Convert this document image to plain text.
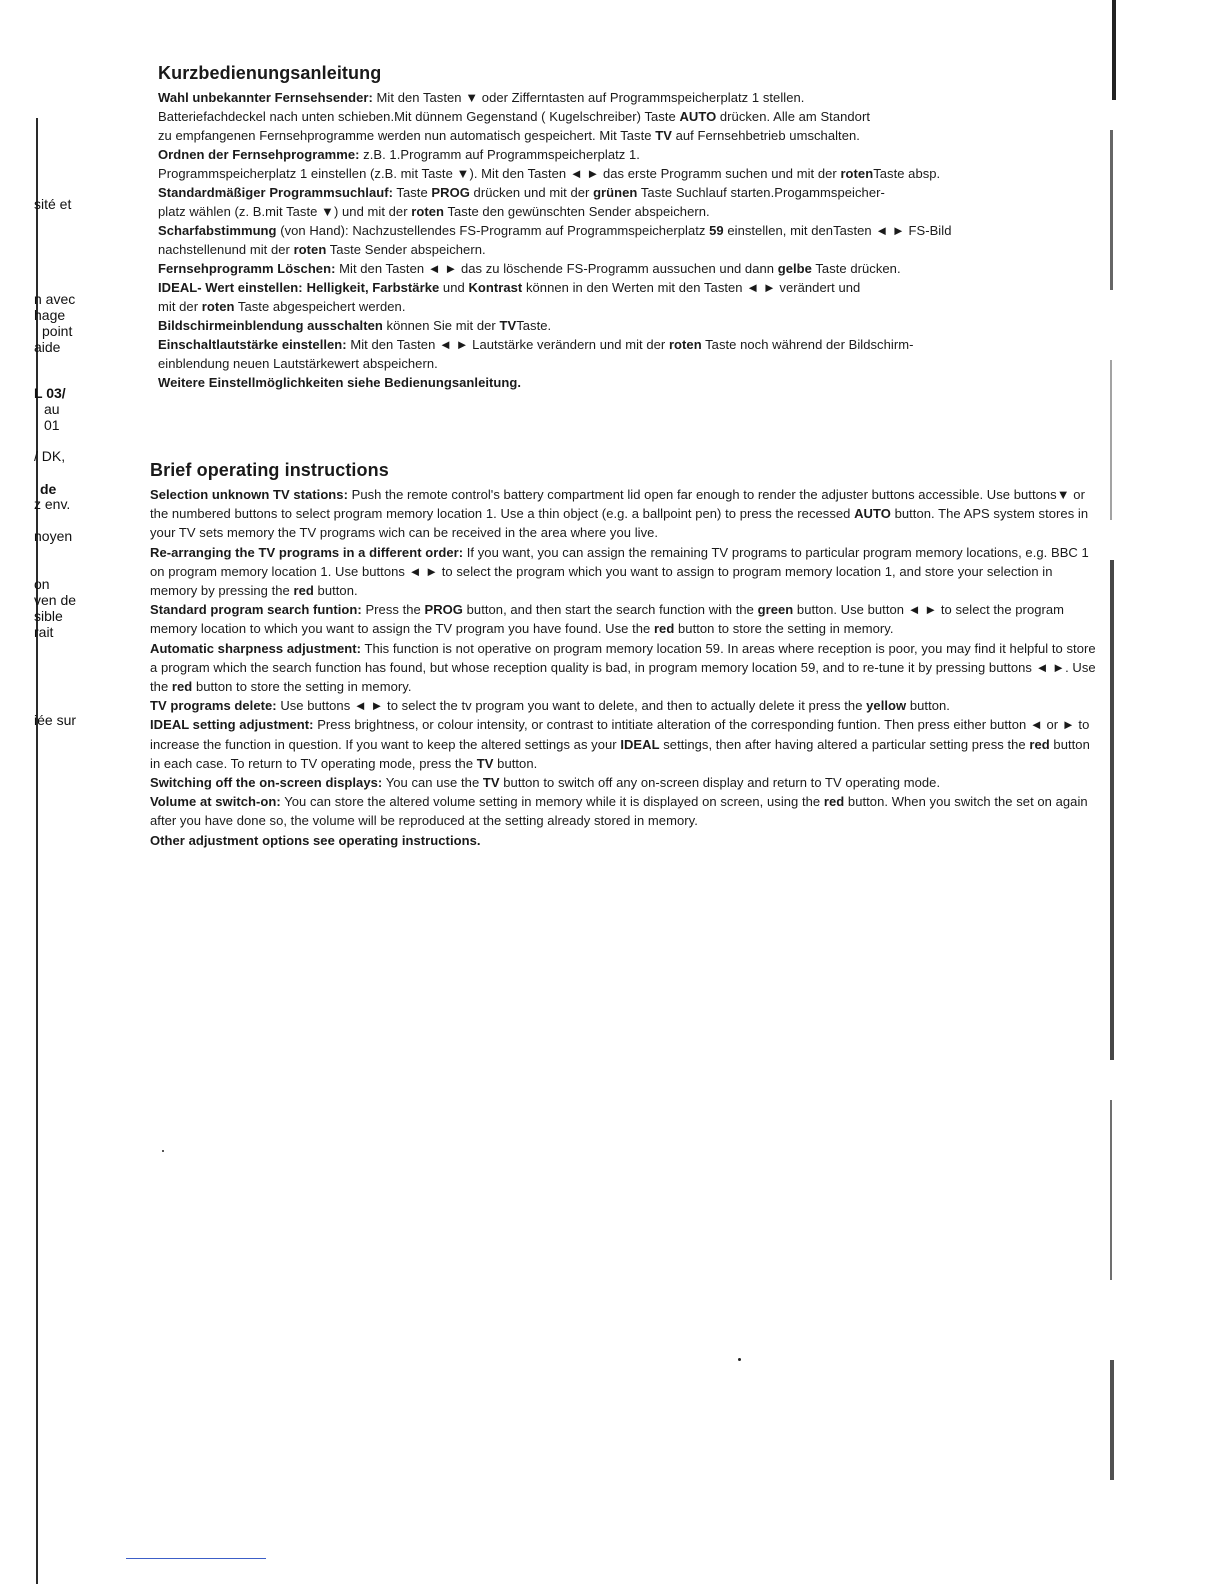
sité et
n avec
hage
point
aide
L 03/
au
01
/ DK,
de
z env.
noyen
on
ven de
sible
rait
iée sur
Kurzbedienungsanleitung

Wahl unbekannter Fernsehsender: Mit den Tasten ▼ oder Zifferntasten auf Programmspeicherplatz 1 stellen.
Batteriefachdeckel nach unten schieben.Mit dünnem Gegenstand ( Kugelschreiber) Taste AUTO drücken. Alle am Standort
zu empfangenen Fernsehprogramme werden nun automatisch gespeichert. Mit Taste TV auf Fernsehbetrieb umschalten.

Ordnen der Fernsehprogramme: z.B. 1.Programm auf Programmspeicherplatz 1.
Programmspeicherplatz 1 einstellen (z.B. mit Taste ▼). Mit den Tasten ◄ ► das erste Programm suchen und mit der rotenTaste absp.

Standardmäßiger Programmsuchlauf: Taste PROG drücken und mit der grünen Taste Suchlauf starten.Progammspeicher-
platz wählen (z. B.mit Taste ▼) und mit der roten Taste den gewünschten Sender abspeichern.

Scharfabstimmung (von Hand): Nachzustellendes FS-Programm auf Programmspeicherplatz 59 einstellen, mit denTasten ◄ ► FS-Bild
nachstellenund mit der roten Taste Sender abspeichern.

Fernsehprogramm Löschen: Mit den Tasten ◄ ► das zu löschende FS-Programm aussuchen und dann gelbe Taste drücken.

IDEAL- Wert einstellen: Helligkeit, Farbstärke und Kontrast können in den Werten mit den Tasten ◄ ► verändert und
mit der roten Taste abgespeichert werden.

Bildschirmeinblendung ausschalten können Sie mit der TVTaste.

Einschaltlautstärke einstellen: Mit den Tasten ◄ ► Lautstärke verändern und mit der roten Taste noch während der Bildschirm-
einblendung neuen Lautstärkewert abspeichern.

Weitere Einstellmöglichkeiten siehe Bedienungsanleitung.

Brief operating instructions

Selection unknown TV stations: Push the remote control's battery compartment lid open far enough to render the adjuster buttons accessible. Use buttons▼ or the numbered buttons to select program memory location 1. Use a thin object (e.g. a ballpoint pen) to press the recessed AUTO button. The APS system stores in your TV sets memory the TV programs wich can be received in the area where you live.

Re-arranging the TV programs in a different order: If you want, you can assign the remaining TV programs to particular program memory locations, e.g. BBC 1 on program memory location 1. Use buttons ◄ ► to select the program which you want to assign to program memory location 1, and store your selection in memory by pressing the red button.

Standard program search funtion: Press the PROG button, and then start the search function with the green button. Use button ◄ ► to select the program memory location to which you want to assign the TV program you have found. Use the red button to store the setting in memory.

Automatic sharpness adjustment: This function is not operative on program memory location 59. In areas where reception is poor, you may find it helpful to store a program which the search function has found, but whose reception quality is bad, in program memory location 59, and to re-tune it by pressing buttons ◄ ►. Use the red button to store the setting in memory.

TV programs delete: Use buttons ◄ ► to select the tv program you want to delete, and then to actually delete it press the yellow button.

IDEAL setting adjustment: Press brightness, or colour intensity, or contrast to intitiate alteration of the corresponding funtion. Then press either button ◄ or ► to increase the function in question. If you want to keep the altered settings as your IDEAL settings, then after having altered a particular setting press the red button in each case. To return to TV operating mode, press the TV button.

Switching off the on-screen displays: You can use the TV button to switch off any on-screen display and return to TV operating mode.

Volume at switch-on: You can store the altered volume setting in memory while it is displayed on screen, using the red button. When you switch the set on again after you have done so, the volume will be reproduced at the setting already stored in memory.

Other adjustment options see operating instructions.
